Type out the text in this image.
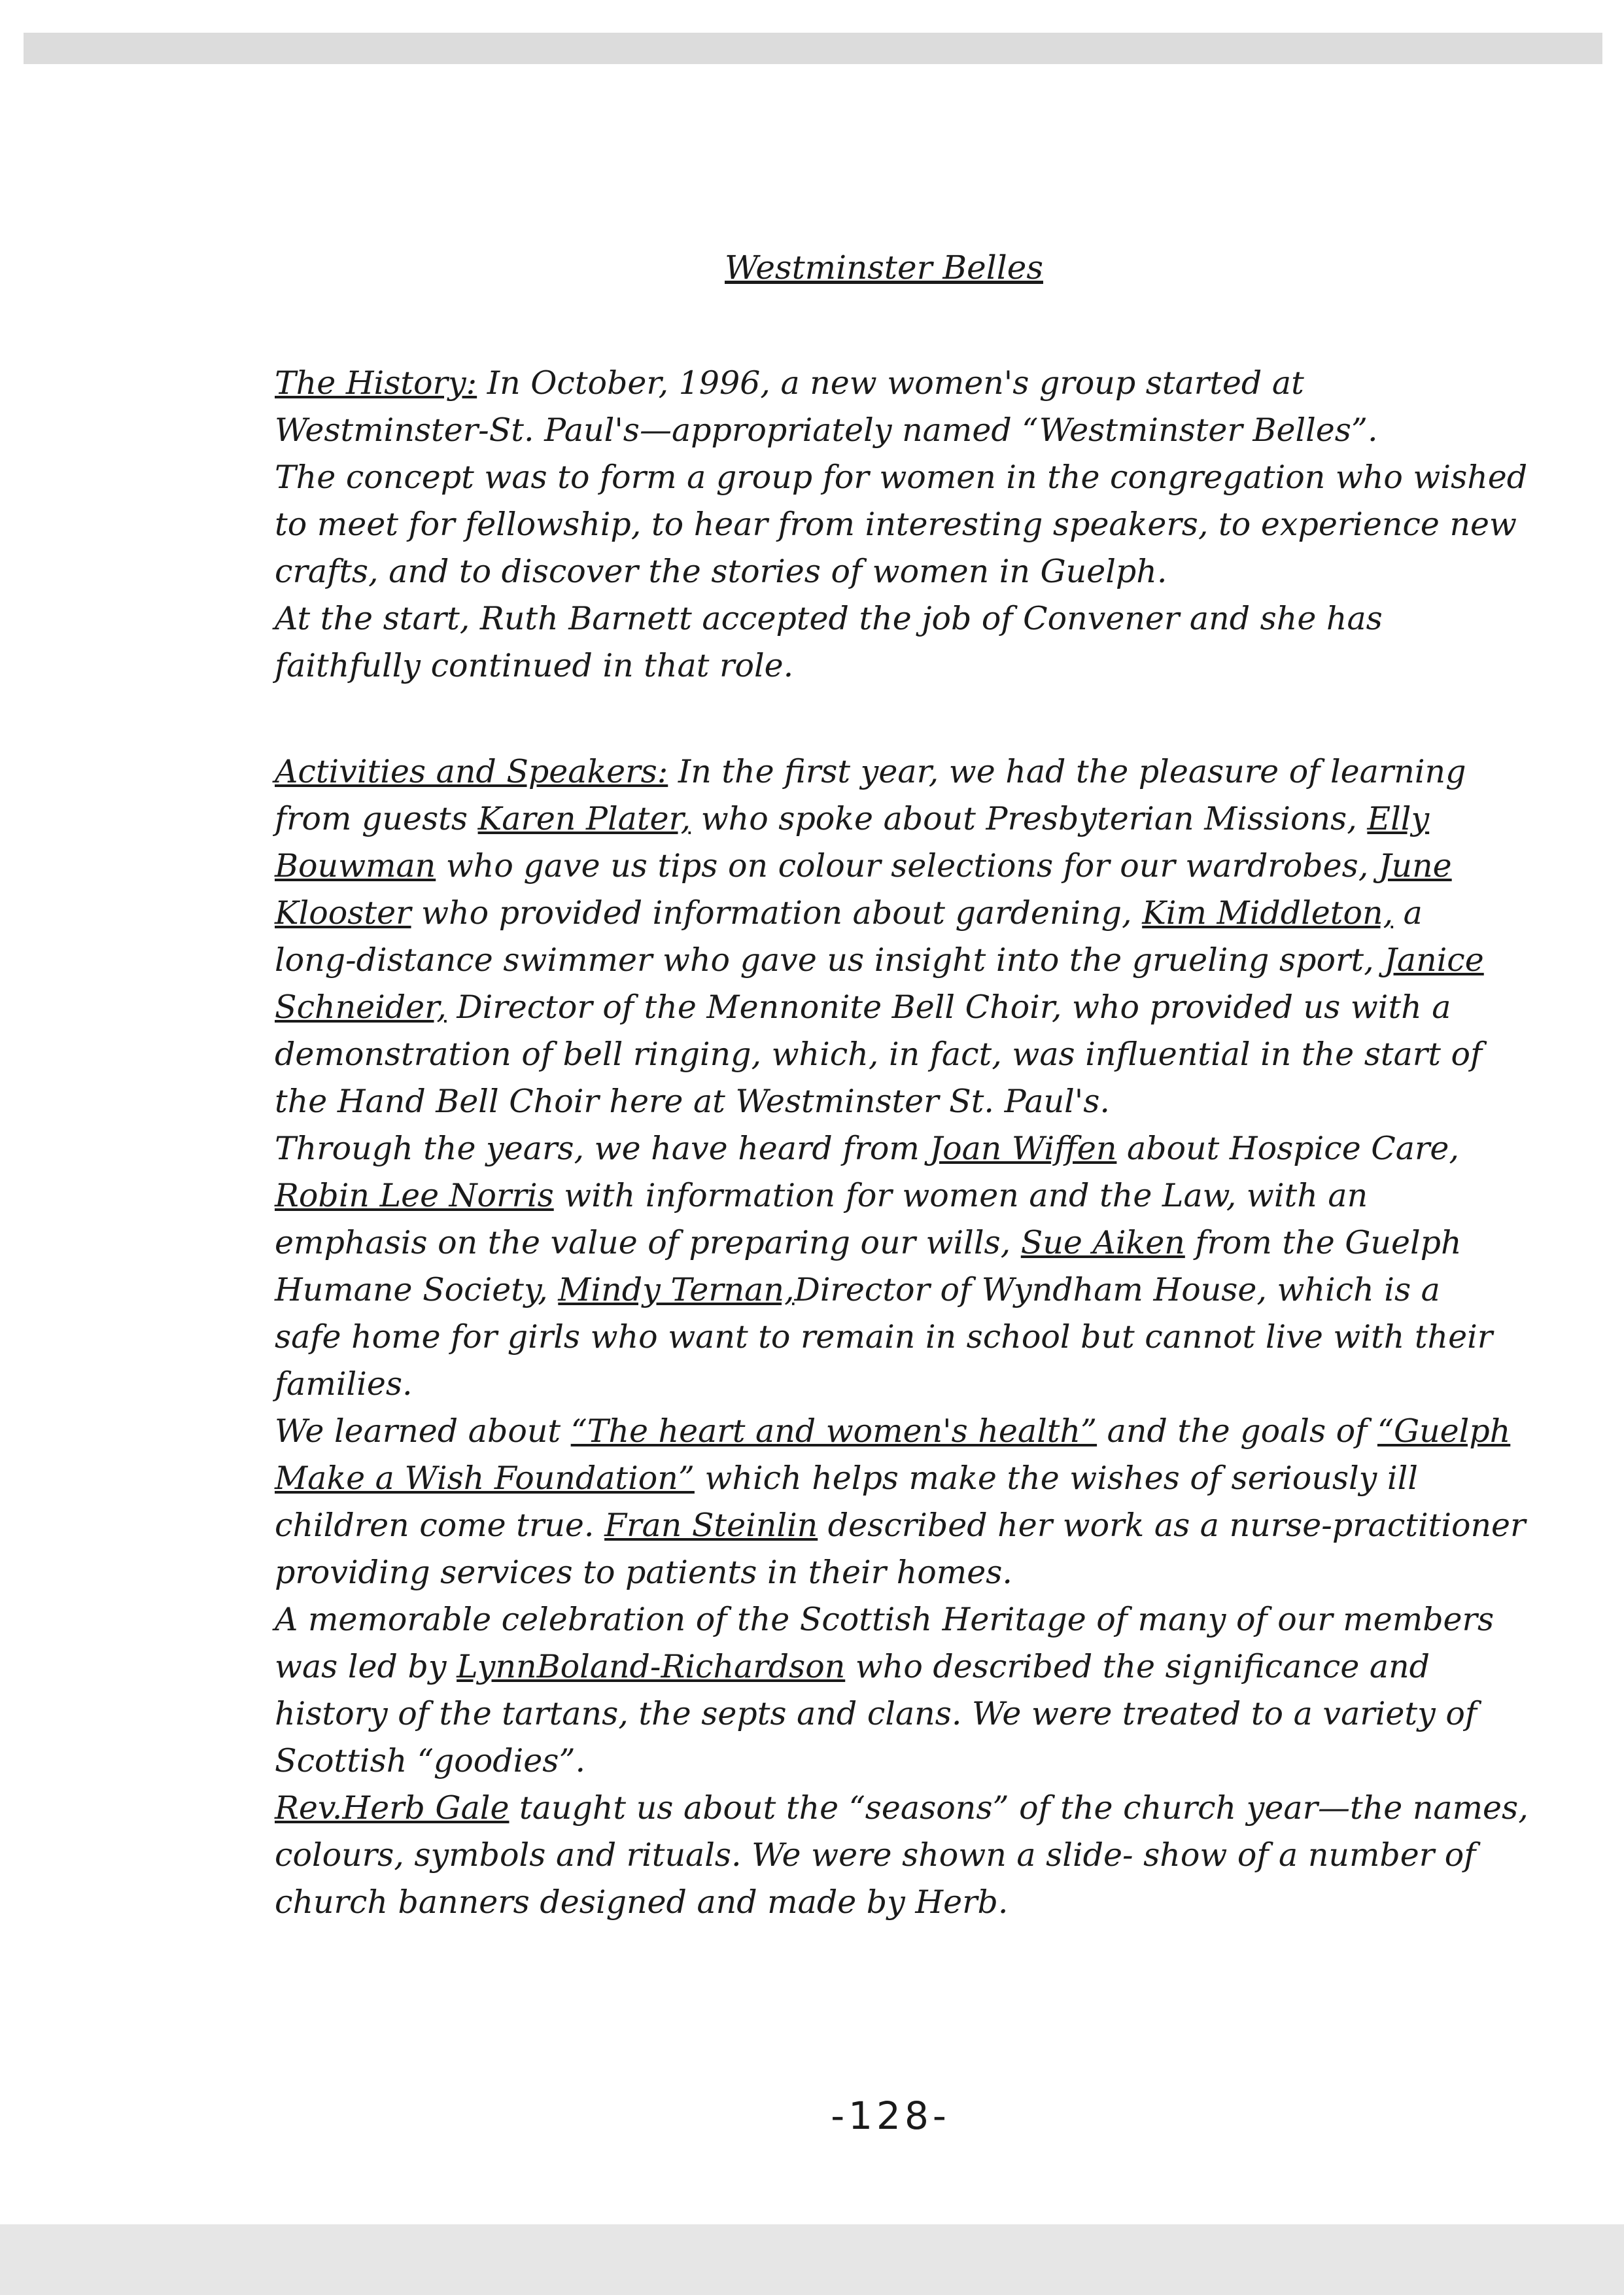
Westminster Belles
The History: In October, 1996, a new women's group started at
Westminster-St. Paul's—appropriately named “Westminster Belles”.
The concept was to form a group for women in the congregation who wished
to meet for fellowship, to hear from interesting speakers, to experience new
crafts, and to discover the stories of women in Guelph.
At the start, Ruth Barnett accepted the job of Convener and she has
faithfully continued in that role.
Activities and Speakers: In the first year, we had the pleasure of learning
from guests Karen Plater, who spoke about Presbyterian Missions, Elly
Bouwman who gave us tips on colour selections for our wardrobes, June
Klooster who provided information about gardening, Kim Middleton, a
long-distance swimmer who gave us insight into the grueling sport, Janice
Schneider, Director of the Mennonite Bell Choir, who provided us with a
demonstration of bell ringing, which, in fact, was influential in the start of
the Hand Bell Choir here at Westminster St. Paul's.
Through the years, we have heard from Joan Wiffen about Hospice Care,
Robin Lee Norris with information for women and the Law, with an
emphasis on the value of preparing our wills, Sue Aiken from the Guelph
Humane Society, Mindy Ternan,Director of Wyndham House, which is a
safe home for girls who want to remain in school but cannot live with their
families.
We learned about “The heart and women's health” and the goals of “Guelph
Make a Wish Foundation” which helps make the wishes of seriously ill
children come true. Fran Steinlin described her work as a nurse-practitioner
providing services to patients in their homes.
A memorable celebration of the Scottish Heritage of many of our members
was led by LynnBoland-Richardson who described the significance and
history of the tartans, the septs and clans. We were treated to a variety of
Scottish “goodies”.
Rev.Herb Gale taught us about the “seasons” of the church year—the names,
colours, symbols and rituals. We were shown a slide- show of a number of
church banners designed and made by Herb.
-128-
